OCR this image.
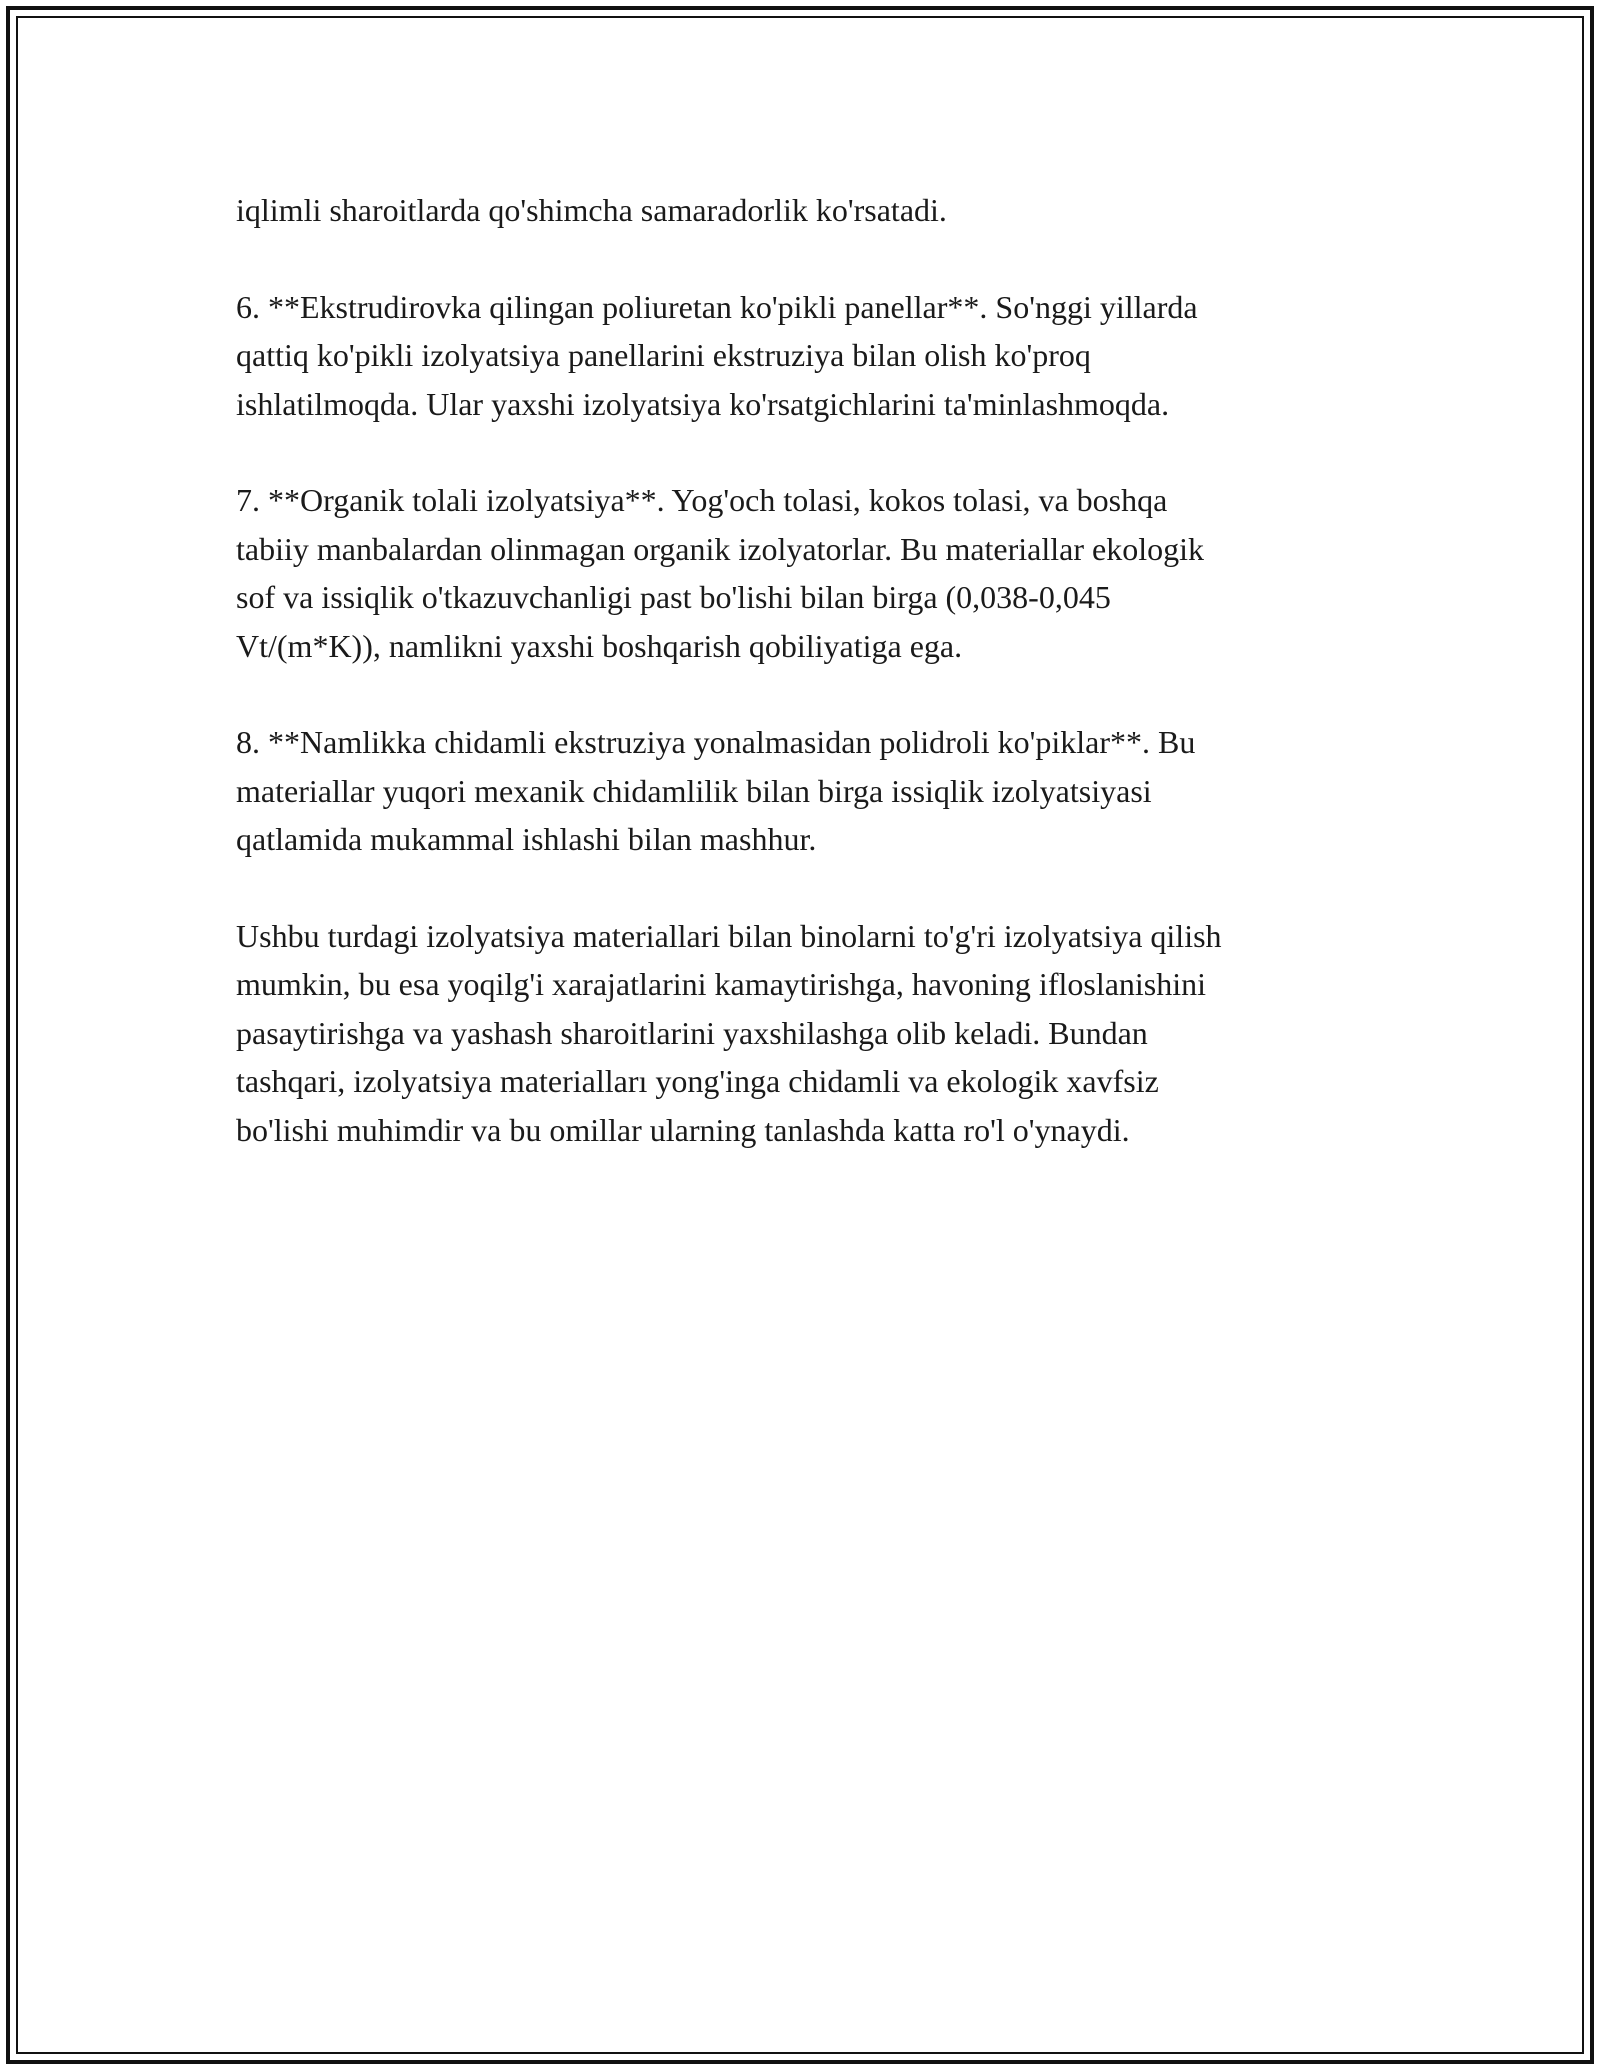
iqlimli sharoitlarda qo'shimcha samaradorlik ko'rsatadi.

6. **Ekstrudirovka qilingan poliuretan ko'pikli panellar**. So'nggi yillarda
qattiq ko'pikli izolyatsiya panellarini ekstruziya bilan olish ko'proq
ishlatilmoqda. Ular yaxshi izolyatsiya ko'rsatgichlarini ta'minlashmoqda.

7. **Organik tolali izolyatsiya**. Yog'och tolasi, kokos tolasi, va boshqa
tabiiy manbalardan olinmagan organik izolyatorlar. Bu materiallar ekologik
sof va issiqlik o'tkazuvchanligi past bo'lishi bilan birga (0,038-0,045
Vt/(m*K)), namlikni yaxshi boshqarish qobiliyatiga ega.

8. **Namlikka chidamli ekstruziya yonalmasidan polidroli ko'piklar**. Bu
materiallar yuqori mexanik chidamlilik bilan birga issiqlik izolyatsiyasi
qatlamida mukammal ishlashi bilan mashhur.

Ushbu turdagi izolyatsiya materiallari bilan binolarni to'g'ri izolyatsiya qilish
mumkin, bu esa yoqilg'i xarajatlarini kamaytirishga, havoning ifloslanishini
pasaytirishga va yashash sharoitlarini yaxshilashga olib keladi. Bundan
tashqari, izolyatsiya materialları yong'inga chidamli va ekologik xavfsiz
bo'lishi muhimdir va bu omillar ularning tanlashda katta ro'l o'ynaydi.
